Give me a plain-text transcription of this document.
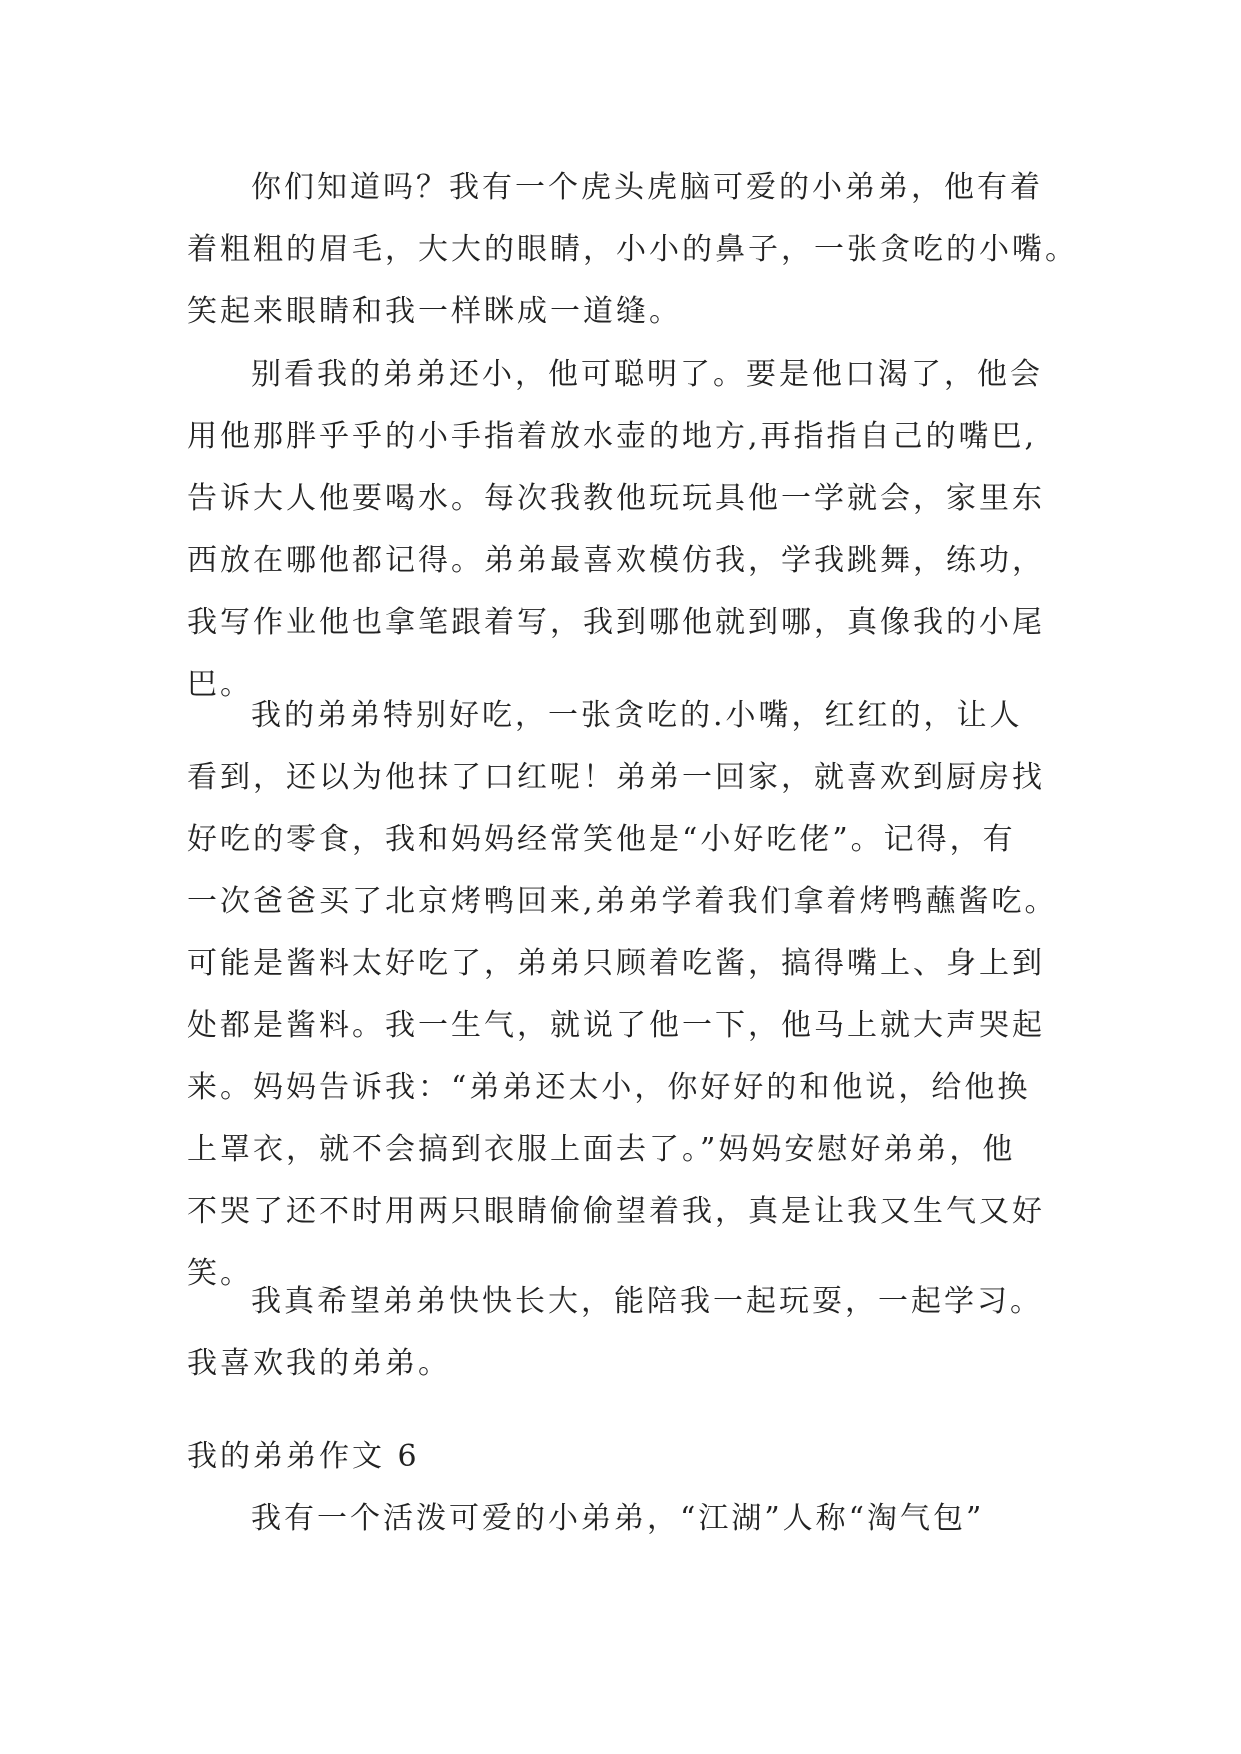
你们知道吗？我有一个虎头虎脑可爱的小弟弟，他有着
着粗粗的眉毛，大大的眼睛，小小的鼻子，一张贪吃的小嘴。
笑起来眼睛和我一样眯成一道缝。
别看我的弟弟还小，他可聪明了。要是他口渴了，他会
用他那胖乎乎的小手指着放水壶的地方,再指指自己的嘴巴,
告诉大人他要喝水。每次我教他玩玩具他一学就会，家里东
西放在哪他都记得。弟弟最喜欢模仿我，学我跳舞，练功，
我写作业他也拿笔跟着写，我到哪他就到哪，真像我的小尾
巴。
我的弟弟特别好吃，一张贪吃的.小嘴，红红的，让人
看到，还以为他抹了口红呢！弟弟一回家，就喜欢到厨房找
好吃的零食，我和妈妈经常笑他是“小好吃佬”。记得，有
一次爸爸买了北京烤鸭回来,弟弟学着我们拿着烤鸭蘸酱吃。
可能是酱料太好吃了，弟弟只顾着吃酱，搞得嘴上、身上到
处都是酱料。我一生气，就说了他一下，他马上就大声哭起
来。妈妈告诉我：“弟弟还太小，你好好的和他说，给他换
上罩衣，就不会搞到衣服上面去了。”妈妈安慰好弟弟，他
不哭了还不时用两只眼睛偷偷望着我，真是让我又生气又好
笑。
我真希望弟弟快快长大，能陪我一起玩耍，一起学习。
我喜欢我的弟弟。
我的弟弟作文 6
我有一个活泼可爱的小弟弟，“江湖”人称“淘气包”
